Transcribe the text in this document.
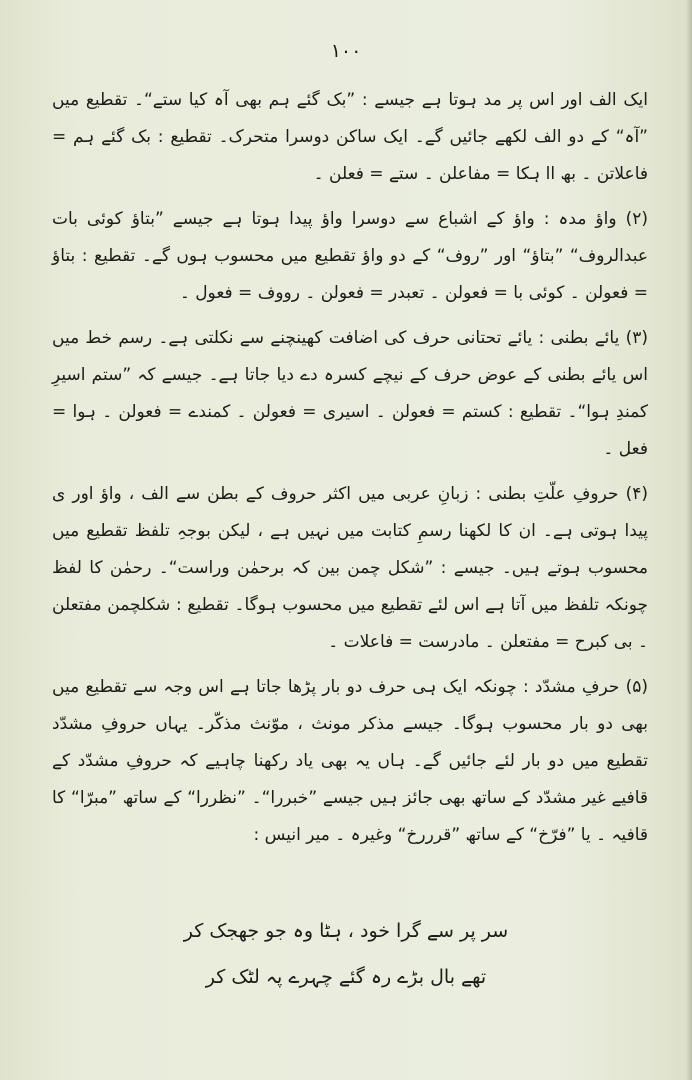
۱۰۰

ایک الف اور اس پر مد ہوتا ہے جیسے : ”بک گئے ہم بھی آہ کیا ستے“۔ تقطیع میں ”آہ“ کے دو الف لکھے جائیں گے۔ ایک ساکن دوسرا متحرک۔ تقطیع : بک گئے ہم = فاعلاتن ۔ بھ اا ہکا = مفاعلن ۔ ستے = فعلن ۔

(۲) واؤ مدہ : واؤ کے اشباع سے دوسرا واؤ پیدا ہوتا ہے جیسے ”بتاؤ کوئی بات عبدالروف“ ”بتاؤ“ اور ”روف“ کے دو واؤ تقطیع میں محسوب ہوں گے۔ تقطیع : بتاؤ = فعولن ۔ کوئی با = فعولن ۔ تعبدر = فعولن ۔ رووف = فعول ۔

(۳) یائے بطنی : یائے تحتانی حرف کی اضافت کھینچنے سے نکلتی ہے۔ رسم خط میں اس یائے بطنی کے عوض حرف کے نیچے کسرہ دے دیا جاتا ہے۔ جیسے کہ ”ستم اسیرِ کمندِ ہوا“۔ تقطیع : کستم = فعولن ۔ اسیری = فعولن ۔ کمندے = فعولن ۔ ہوا = فعل ۔

(۴) حروفِ علّتِ بطنی : زبانِ عربی میں اکثر حروف کے بطن سے الف ، واؤ اور ی پیدا ہوتی ہے۔ ان کا لکھنا رسمِ کتابت میں نہیں ہے ، لیکن بوجہِ تلفظ تقطیع میں محسوب ہوتے ہیں۔ جیسے : ”شکل چمن بین کہ برحمٰن وراست“۔ رحمٰن کا لفظ چونکہ تلفظ میں آتا ہے اس لئے تقطیع میں محسوب ہوگا۔ تقطیع : شکلچمن مفتعلن ۔ بی کبرح = مفتعلن ۔ مادرست = فاعلات ۔

(۵) حرفِ مشدّد : چونکہ ایک ہی حرف دو بار پڑھا جاتا ہے اس وجہ سے تقطیع میں بھی دو بار محسوب ہوگا۔ جیسے مذکر مونث ، موّنث مذکّر۔ یہاں حروفِ مشدّد تقطیع میں دو بار لئے جائیں گے۔ ہاں یہ بھی یاد رکھنا چاہیے کہ حروفِ مشدّد کے قافیے غیر مشدّد کے ساتھ بھی جائز ہیں جیسے ”خبررا“۔ ”نظررا“ کے ساتھ ”مبرّا“ کا قافیہ ۔ یا ”فرّخ“ کے ساتھ ”قرررخ“ وغیرہ ۔ میر انیس :

سر پر سے گرا خود ، ہٹا وہ جو جھجک کر
تھے بال بڑے رہ گئے چہرے پہ لٹک کر
